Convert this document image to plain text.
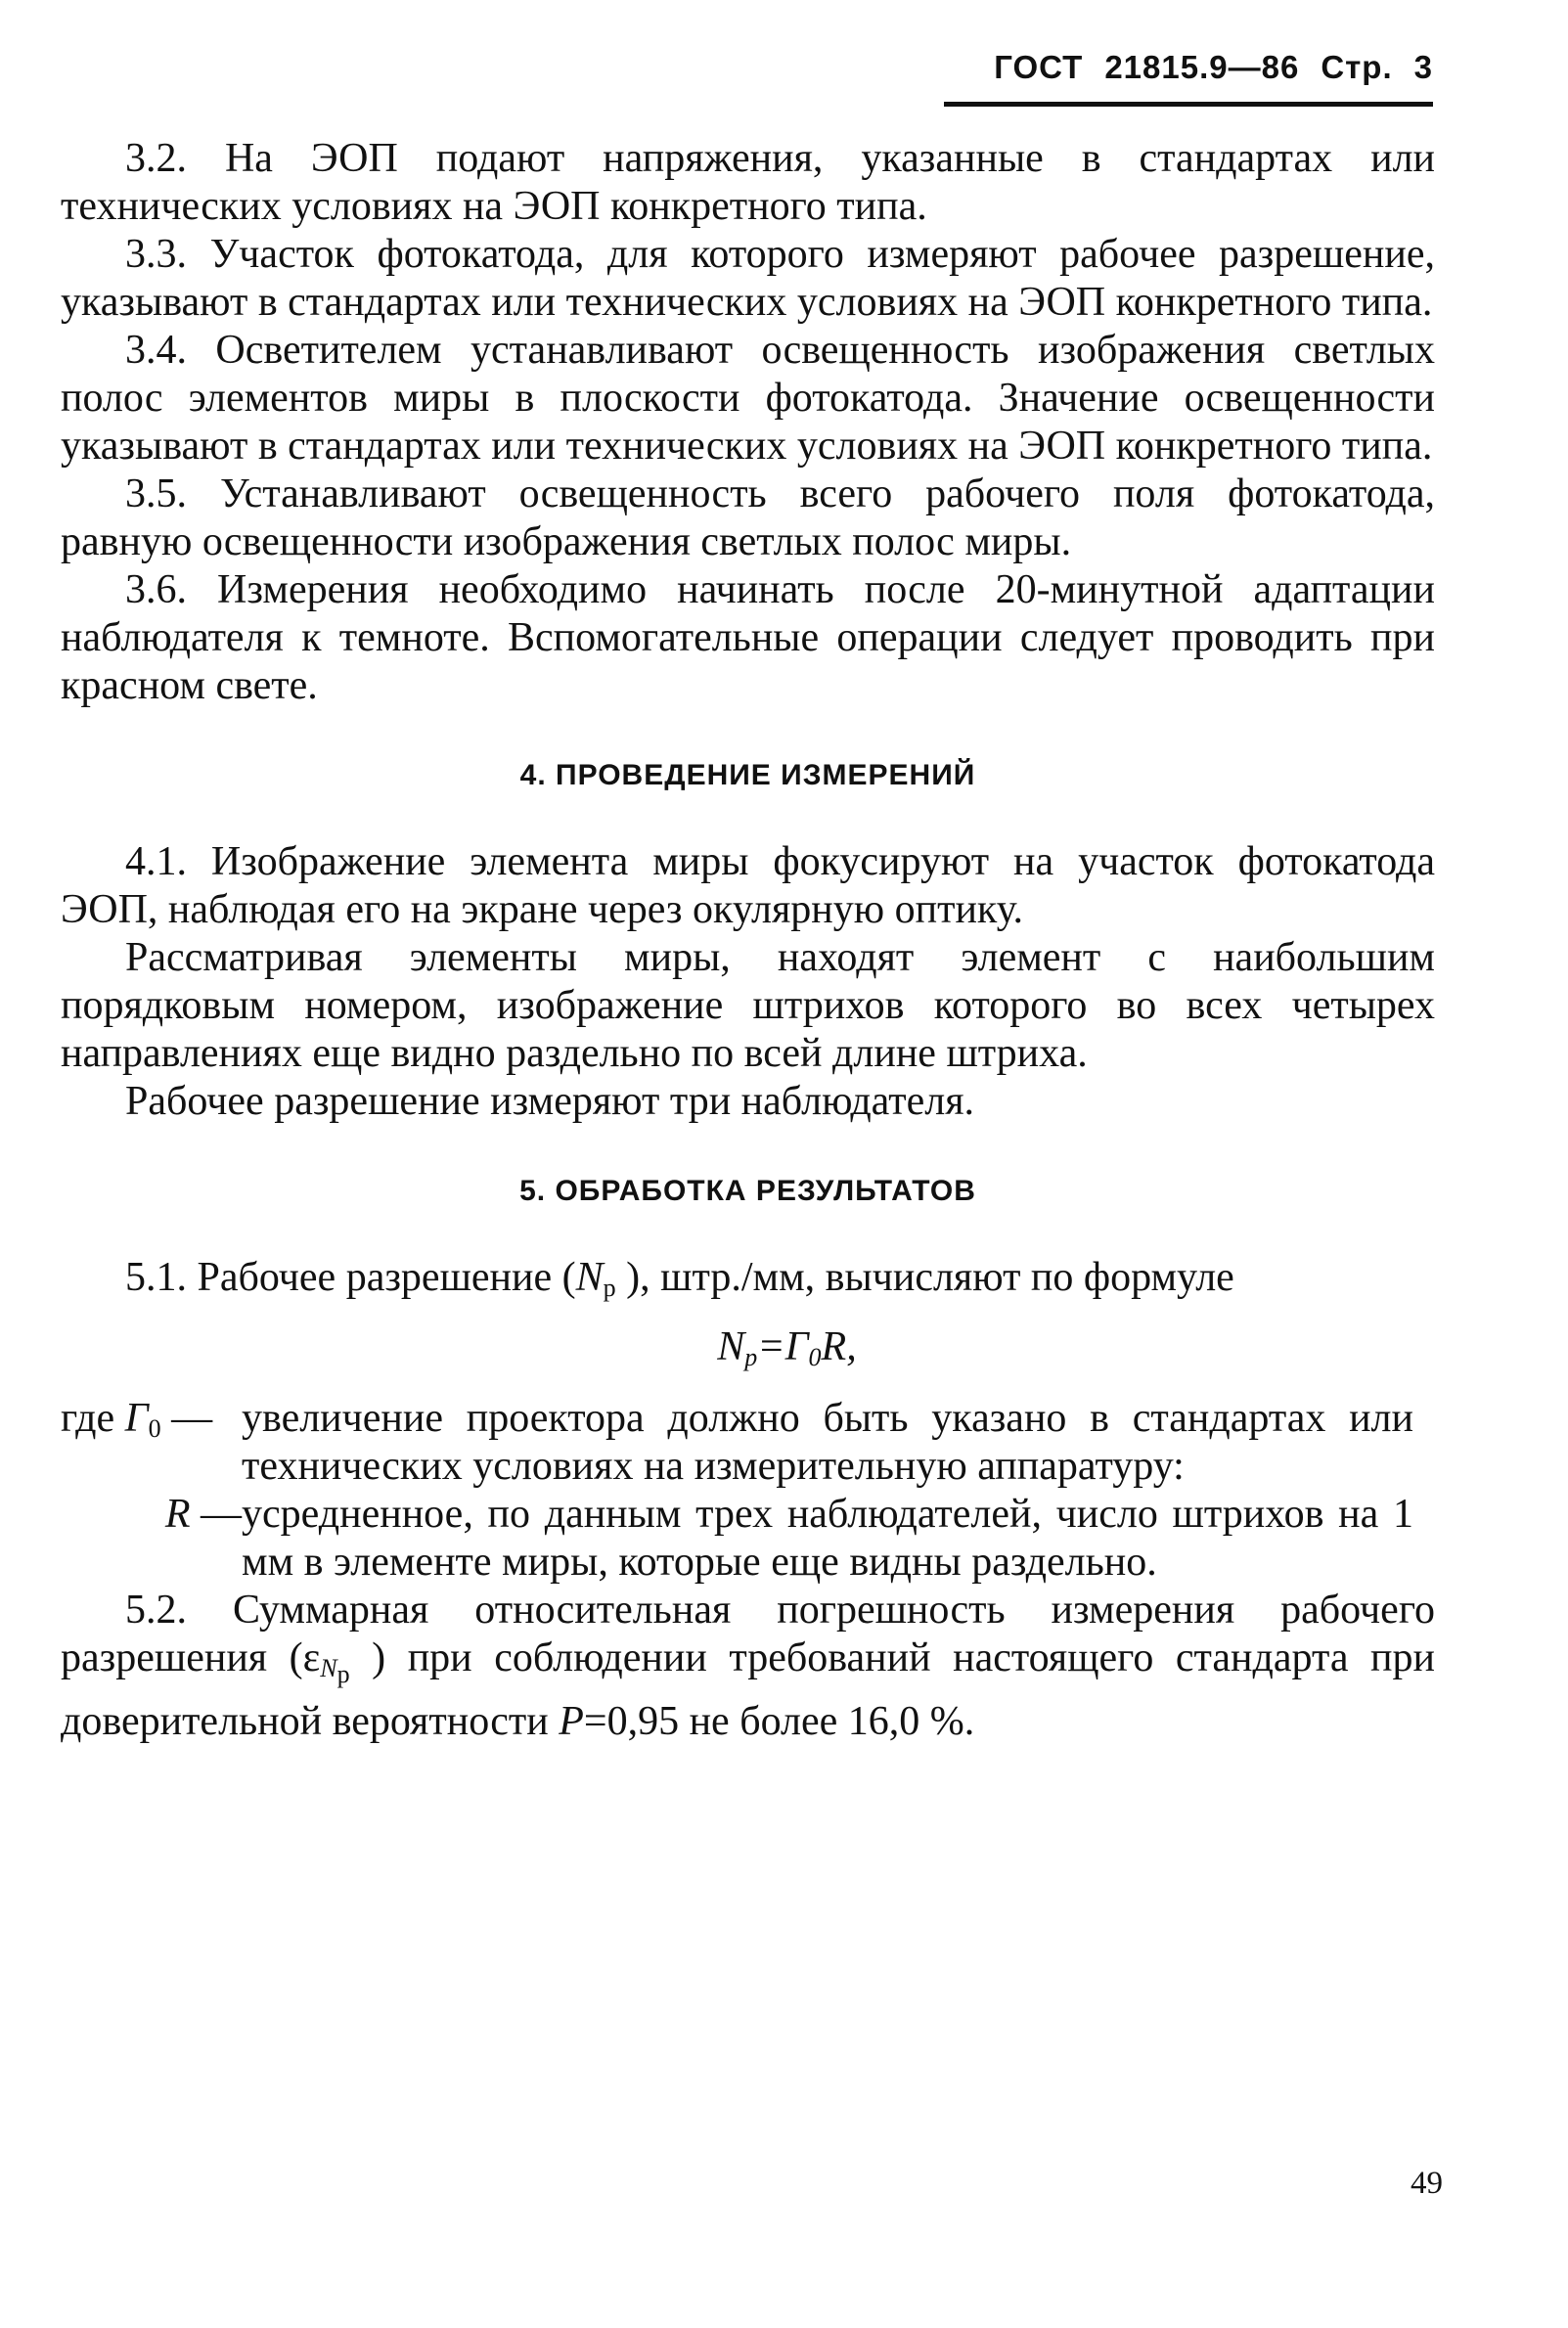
ГОСТ 21815.9—86 Стр. 3

3.2. На ЭОП подают напряжения, указанные в стандартах или технических условиях на ЭОП конкретного типа.

3.3. Участок фотокатода, для которого измеряют рабочее разрешение, указывают в стандартах или технических условиях на ЭОП конкретного типа.

3.4. Осветителем устанавливают освещенность изображения светлых полос элементов миры в плоскости фотокатода. Значение освещенности указывают в стандартах или технических условиях на ЭОП конкретного типа.

3.5. Устанавливают освещенность всего рабочего поля фотокатода, равную освещенности изображения светлых полос миры.

3.6. Измерения необходимо начинать после 20-минутной адаптации наблюдателя к темноте. Вспомогательные операции следует проводить при красном свете.

4. ПРОВЕДЕНИЕ ИЗМЕРЕНИЙ

4.1. Изображение элемента миры фокусируют на участок фотокатода ЭОП, наблюдая его на экране через окулярную оптику.

Рассматривая элементы миры, находят элемент с наибольшим порядковым номером, изображение штрихов которого во всех четырех направлениях еще видно раздельно по всей длине штриха.

Рабочее разрешение измеряют три наблюдателя.

5. ОБРАБОТКА РЕЗУЛЬТАТОВ

5.1. Рабочее разрешение ($N_р$ ), штр./мм, вычисляют по формуле

$N_р=Г_0R$,

где $Г_0$ — увеличение проектора должно быть указано в стандартах или технических условиях на измерительную аппаратуру:
R — усредненное, по данным трех наблюдателей, число штрихов на 1 мм в элементе миры, которые еще видны раздельно.

5.2. Суммарная относительная погрешность измерения рабочего разрешения ($\varepsilon_{N_р}$ ) при соблюдении требований настоящего стандарта при доверительной вероятности P=0,95 не более 16,0 %.

49
